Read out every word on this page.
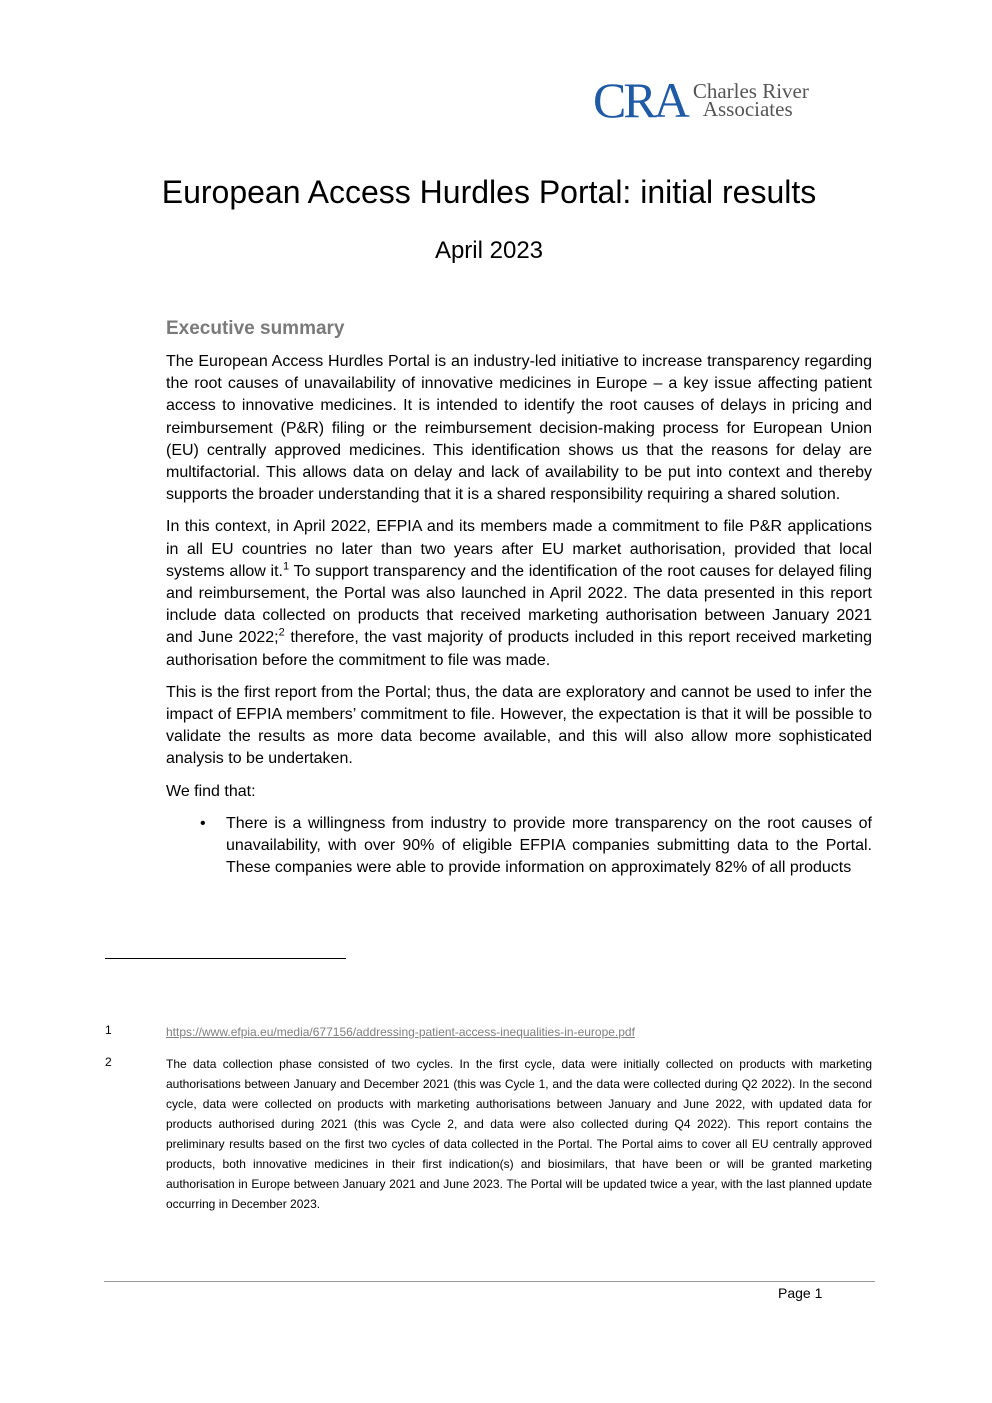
CRA Charles River
Associates
European Access Hurdles Portal: initial results
April 2023
Executive summary

The European Access Hurdles Portal is an industry-led initiative to increase transparency regarding the root causes of unavailability of innovative medicines in Europe – a key issue affecting patient access to innovative medicines. It is intended to identify the root causes of delays in pricing and reimbursement (P&R) filing or the reimbursement decision-making process for European Union (EU) centrally approved medicines. This identification shows us that the reasons for delay are multifactorial. This allows data on delay and lack of availability to be put into context and thereby supports the broader understanding that it is a shared responsibility requiring a shared solution.

In this context, in April 2022, EFPIA and its members made a commitment to file P&R applications in all EU countries no later than two years after EU market authorisation, provided that local systems allow it.$^1$ To support transparency and the identification of the root causes for delayed filing and reimbursement, the Portal was also launched in April 2022. The data presented in this report include data collected on products that received marketing authorisation between January 2021 and June 2022;$^2$ therefore, the vast majority of products included in this report received marketing authorisation before the commitment to file was made.

This is the first report from the Portal; thus, the data are exploratory and cannot be used to infer the impact of EFPIA members’ commitment to file. However, the expectation is that it will be possible to validate the results as more data become available, and this will also allow more sophisticated analysis to be undertaken.

We find that:

• There is a willingness from industry to provide more transparency on the root causes of unavailability, with over 90% of eligible EFPIA companies submitting data to the Portal. These companies were able to provide information on approximately 82% of all products
1	https://www.efpia.eu/media/677156/addressing-patient-access-inequalities-in-europe.pdf
2	The data collection phase consisted of two cycles. In the first cycle, data were initially collected on products with marketing authorisations between January and December 2021 (this was Cycle 1, and the data were collected during Q2 2022). In the second cycle, data were collected on products with marketing authorisations between January and June 2022, with updated data for products authorised during 2021 (this was Cycle 2, and data were also collected during Q4 2022). This report contains the preliminary results based on the first two cycles of data collected in the Portal. The Portal aims to cover all EU centrally approved products, both innovative medicines in their first indication(s) and biosimilars, that have been or will be granted marketing authorisation in Europe between January 2021 and June 2023. The Portal will be updated twice a year, with the last planned update occurring in December 2023.
Page 1
